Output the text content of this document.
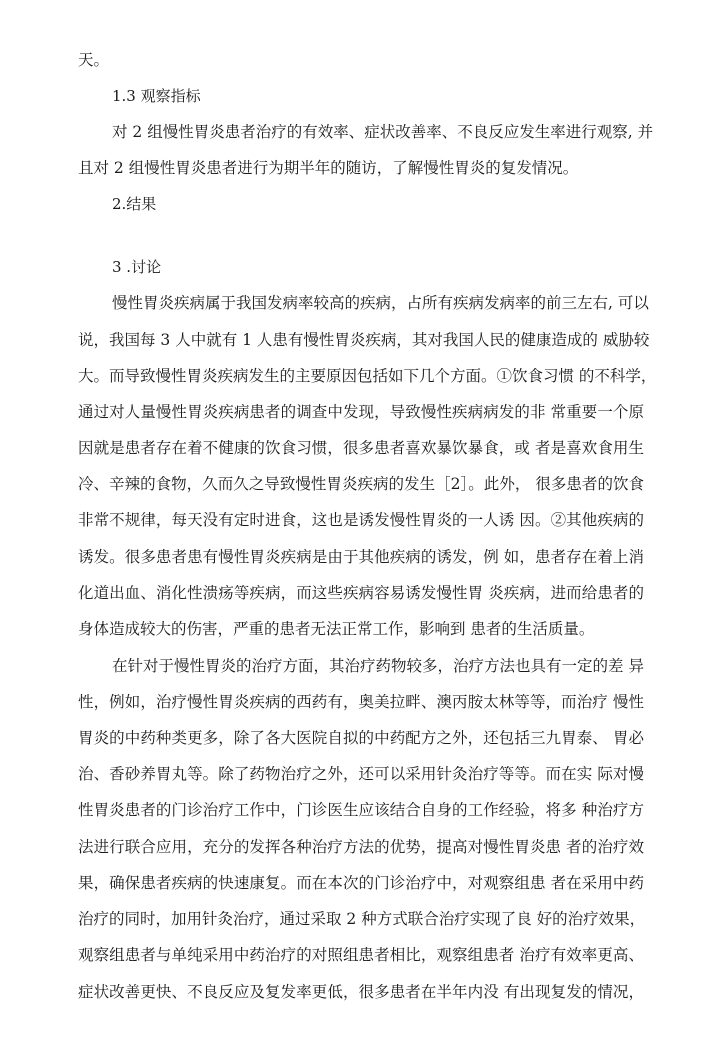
天。
1.3 观察指标
对 2 组慢性胃炎患者治疗的有效率、症状改善率、不良反应发生率进行观察, 并
且对 2 组慢性胃炎患者进行为期半年的随访，了解慢性胃炎的复发情况。
2.结果
3 .讨论
慢性胃炎疾病属于我国发病率较高的疾病，占所有疾病发病率的前三左右, 可以
说，我国每 3 人中就有 1 人患有慢性胃炎疾病，其对我国人民的健康造成的 威胁较
大。而导致慢性胃炎疾病发生的主要原因包括如下几个方面。①饮食习惯 的不科学，
通过对人量慢性胃炎疾病患者的调查中发现，导致慢性疾病病发的非 常重要一个原
因就是患者存在着不健康的饮食习惯，很多患者喜欢暴饮暴食，或 者是喜欢食用生
冷、辛辣的食物，久而久之导致慢性胃炎疾病的发生［2］。此外， 很多患者的饮食
非常不规律，每天没有定时进食，这也是诱发慢性胃炎的一人诱 因。②其他疾病的
诱发。很多患者患有慢性胃炎疾病是由于其他疾病的诱发，例 如，患者存在着上消
化道出血、消化性溃疡等疾病，而这些疾病容易诱发慢性胃 炎疾病，进而给患者的
身体造成较大的伤害，严重的患者无法正常工作，影响到 患者的生活质量。
在针对于慢性胃炎的治疗方面，其治疗药物较多，治疗方法也具有一定的差 异
性，例如，治疗慢性胃炎疾病的西药有，奥美拉畔、澳丙胺太林等等，而治疗 慢性
胃炎的中药种类更多，除了各大医院自拟的中药配方之外，还包括三九胃泰、 胃必
治、香砂养胃丸等。除了药物治疗之外，还可以采用针灸治疗等等。而在实 际对慢
性胃炎患者的门诊治疗工作中，门诊医生应该结合自身的工作经验，将多 种治疗方
法进行联合应用，充分的发挥各种治疗方法的优势，提高对慢性胃炎患 者的治疗效
果，确保患者疾病的快速康复。而在本次的门诊治疗中，对观察组患 者在采用中药
治疗的同时，加用针灸治疗，通过采取 2 种方式联合治疗实现了良 好的治疗效果，
观察组患者与单纯采用中药治疗的对照组患者相比，观察组患者 治疗有效率更高、
症状改善更快、不良反应及复发率更低，很多患者在半年内没 有出现复发的情况，
